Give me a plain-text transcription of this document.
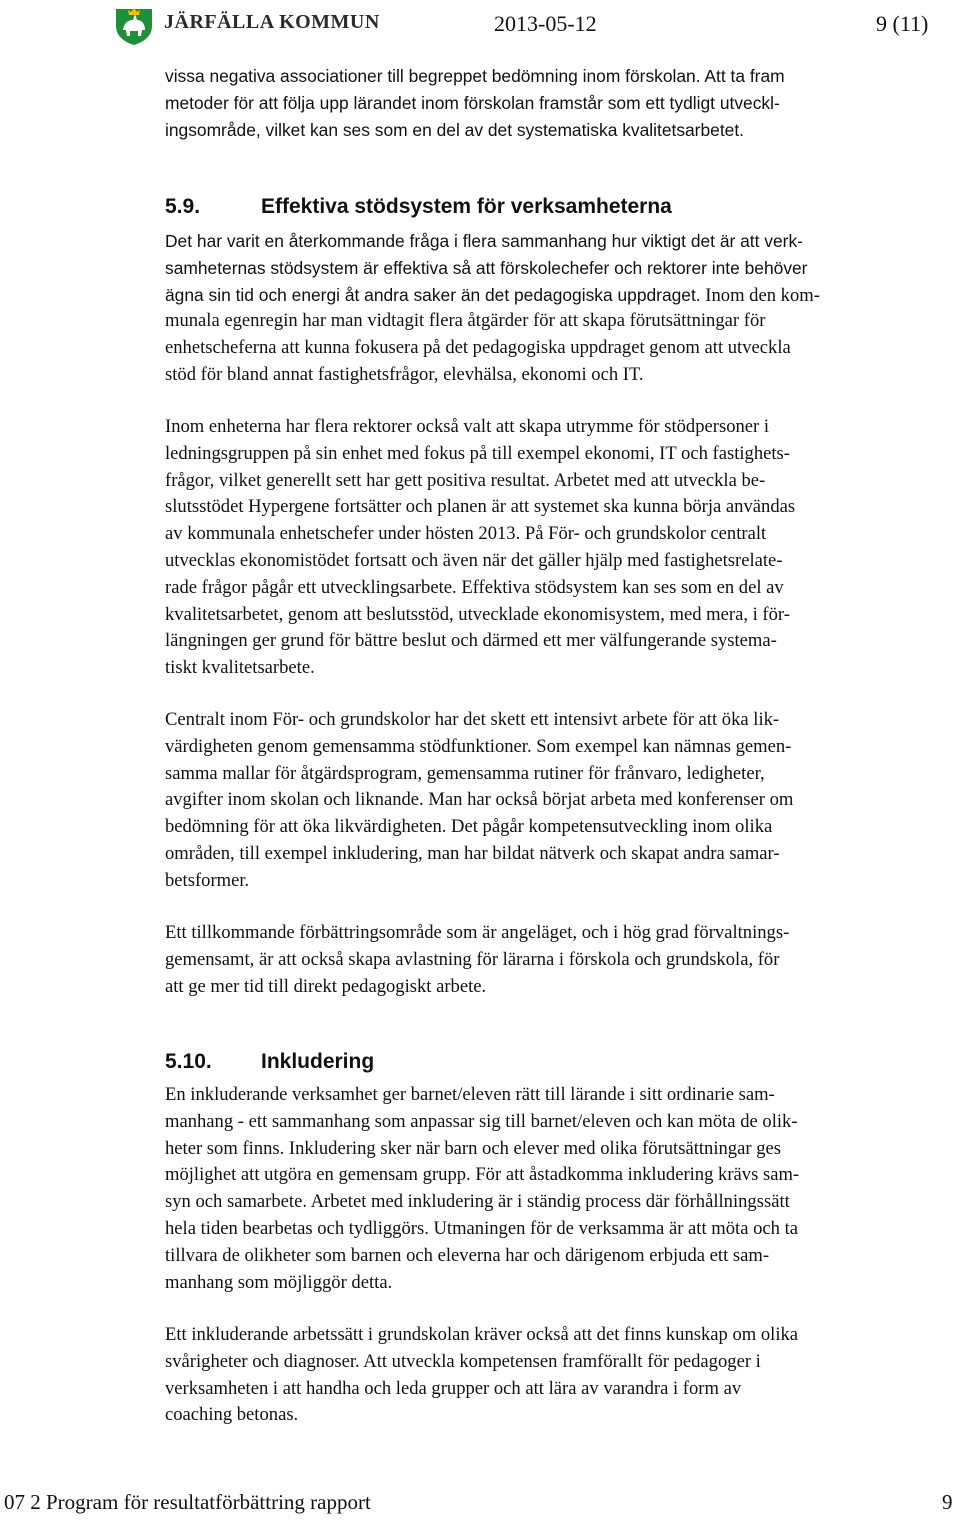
JÄRFÄLLA KOMMUN	2013-05-12	9 (11)
vissa negativa associationer till begreppet bedömning inom förskolan. Att ta fram
metoder för att följa upp lärandet inom förskolan framstår som ett tydligt utveckl-
ingsområde, vilket kan ses som en del av det systematiska kvalitetsarbetet.
5.9.	Effektiva stödsystem för verksamheterna
Det har varit en återkommande fråga i flera sammanhang hur viktigt det är att verk-
samheternas stödsystem är effektiva så att förskolechefer och rektorer inte behöver
ägna sin tid och energi åt andra saker än det pedagogiska uppdraget. Inom den kom-
munala egenregin har man vidtagit flera åtgärder för att skapa förutsättningar för
enhetscheferna att kunna fokusera på det pedagogiska uppdraget genom att utveckla
stöd för bland annat fastighetsfrågor, elevhälsa, ekonomi och IT.
Inom enheterna har flera rektorer också valt att skapa utrymme för stödpersoner i
ledningsgruppen på sin enhet med fokus på till exempel ekonomi, IT och fastighets-
frågor, vilket generellt sett har gett positiva resultat. Arbetet med att utveckla be-
slutsstödet Hypergene fortsätter och planen är att systemet ska kunna börja användas
av kommunala enhetschefer under hösten 2013. På För- och grundskolor centralt
utvecklas ekonomistödet fortsatt och även när det gäller hjälp med fastighetsrelate-
rade frågor pågår ett utvecklingsarbete. Effektiva stödsystem kan ses som en del av
kvalitetsarbetet, genom att beslutsstöd, utvecklade ekonomisystem, med mera, i för-
längningen ger grund för bättre beslut och därmed ett mer välfungerande systema-
tiskt kvalitetsarbete.
Centralt inom För- och grundskolor har det skett ett intensivt arbete för att öka lik-
värdigheten genom gemensamma stödfunktioner. Som exempel kan nämnas gemen-
samma mallar för åtgärdsprogram, gemensamma rutiner för frånvaro, ledigheter,
avgifter inom skolan och liknande. Man har också börjat arbeta med konferenser om
bedömning för att öka likvärdigheten. Det pågår kompetensutveckling inom olika
områden, till exempel inkludering, man har bildat nätverk och skapat andra samar-
betsformer.
Ett tillkommande förbättringsområde som är angeläget, och i hög grad förvaltnings-
gemensamt, är att också skapa avlastning för lärarna i förskola och grundskola, för
att ge mer tid till direkt pedagogiskt arbete.
5.10. Inkludering
En inkluderande verksamhet ger barnet/eleven rätt till lärande i sitt ordinarie sam-
manhang - ett sammanhang som anpassar sig till barnet/eleven och kan möta de olik-
heter som finns. Inkludering sker när barn och elever med olika förutsättningar ges
möjlighet att utgöra en gemensam grupp. För att åstadkomma inkludering krävs sam-
syn och samarbete. Arbetet med inkludering är i ständig process där förhållningssätt
hela tiden bearbetas och tydliggörs. Utmaningen för de verksamma är att möta och ta
tillvara de olikheter som barnen och eleverna har och därigenom erbjuda ett sam-
manhang som möjliggör detta.
Ett inkluderande arbetssätt i grundskolan kräver också att det finns kunskap om olika
svårigheter och diagnoser. Att utveckla kompetensen framförallt för pedagoger i
verksamheten i att handha och leda grupper och att lära av varandra i form av
coaching betonas.
07 2 Program för resultatförbättring rapport	9
